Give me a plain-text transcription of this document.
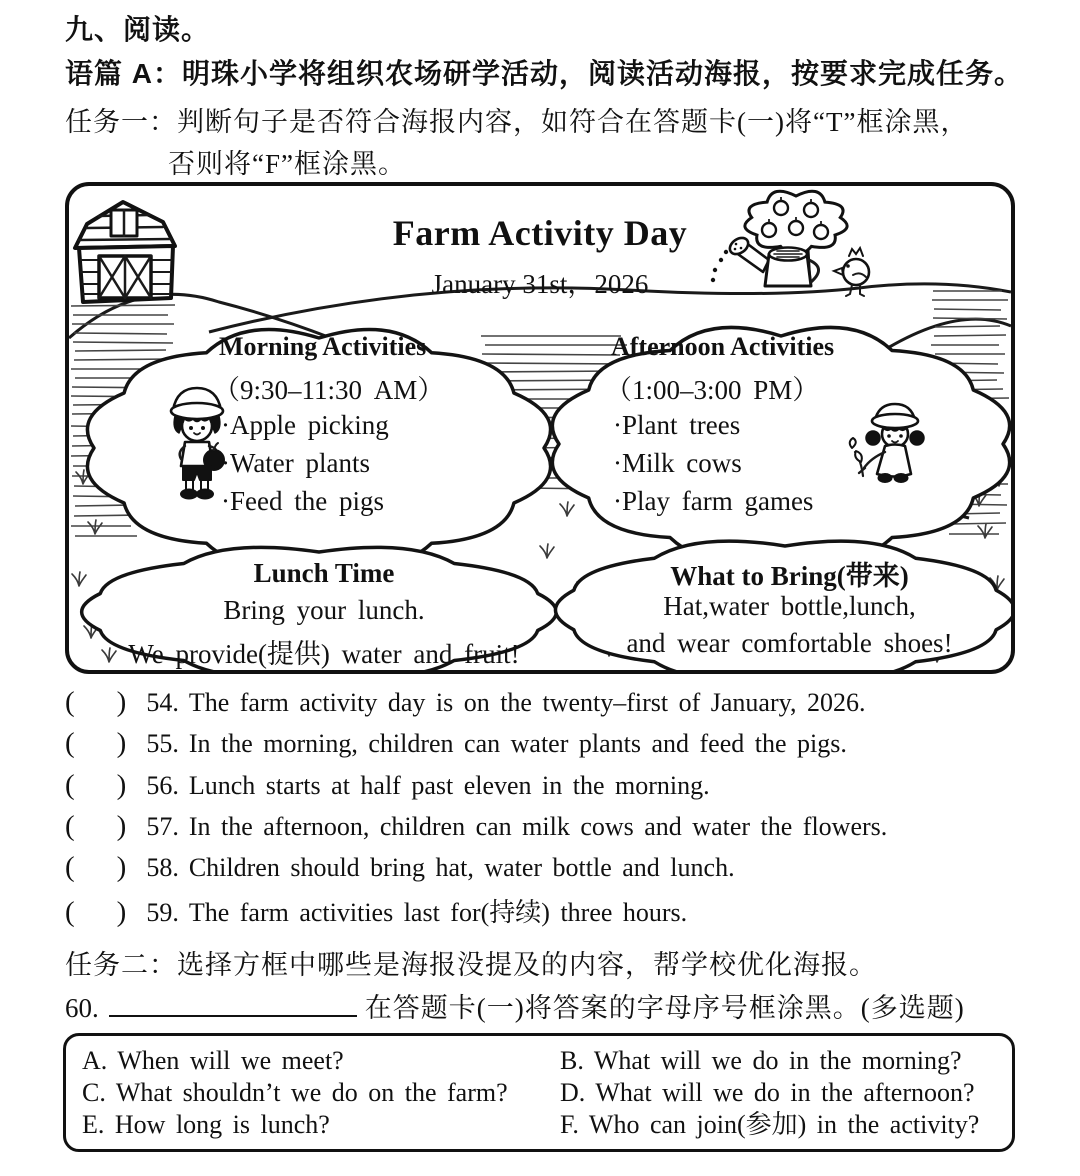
九、阅读。
语篇 A：明珠小学将组织农场研学活动，阅读活动海报，按要求完成任务。
任务一：判断句子是否符合海报内容，如符合在答题卡(一)将“T”框涂黑，
否则将“F”框涂黑。
Farm Activity Day
January 31st，2026
Morning Activities
（9:30–11:30 AM）
·Apple picking
·Water plants
·Feed the pigs
Afternoon Activities
（1:00–3:00 PM）
·Plant trees
·Milk cows
·Play farm games
Lunch Time
Bring your lunch.
We provide(提供) water and fruit!
What to Bring(带来)
Hat,water bottle,lunch,
and wear comfortable shoes!
( ) 54. The farm activity day is on the twenty–first of January, 2026.
( ) 55. In the morning, children can water plants and feed the pigs.
( ) 56. Lunch starts at half past eleven in the morning.
( ) 57. In the afternoon, children can milk cows and water the flowers.
( ) 58. Children should bring hat, water bottle and lunch.
( ) 59. The farm activities last for(持续) three hours.
任务二：选择方框中哪些是海报没提及的内容，帮学校优化海报。
60.	在答题卡(一)将答案的字母序号框涂黑。(多选题)
A. When will we meet?	B. What will we do in the morning?
C. What shouldn’t we do on the farm?	D. What will we do in the afternoon?
E. How long is lunch?	F. Who can join(参加) in the activity?
